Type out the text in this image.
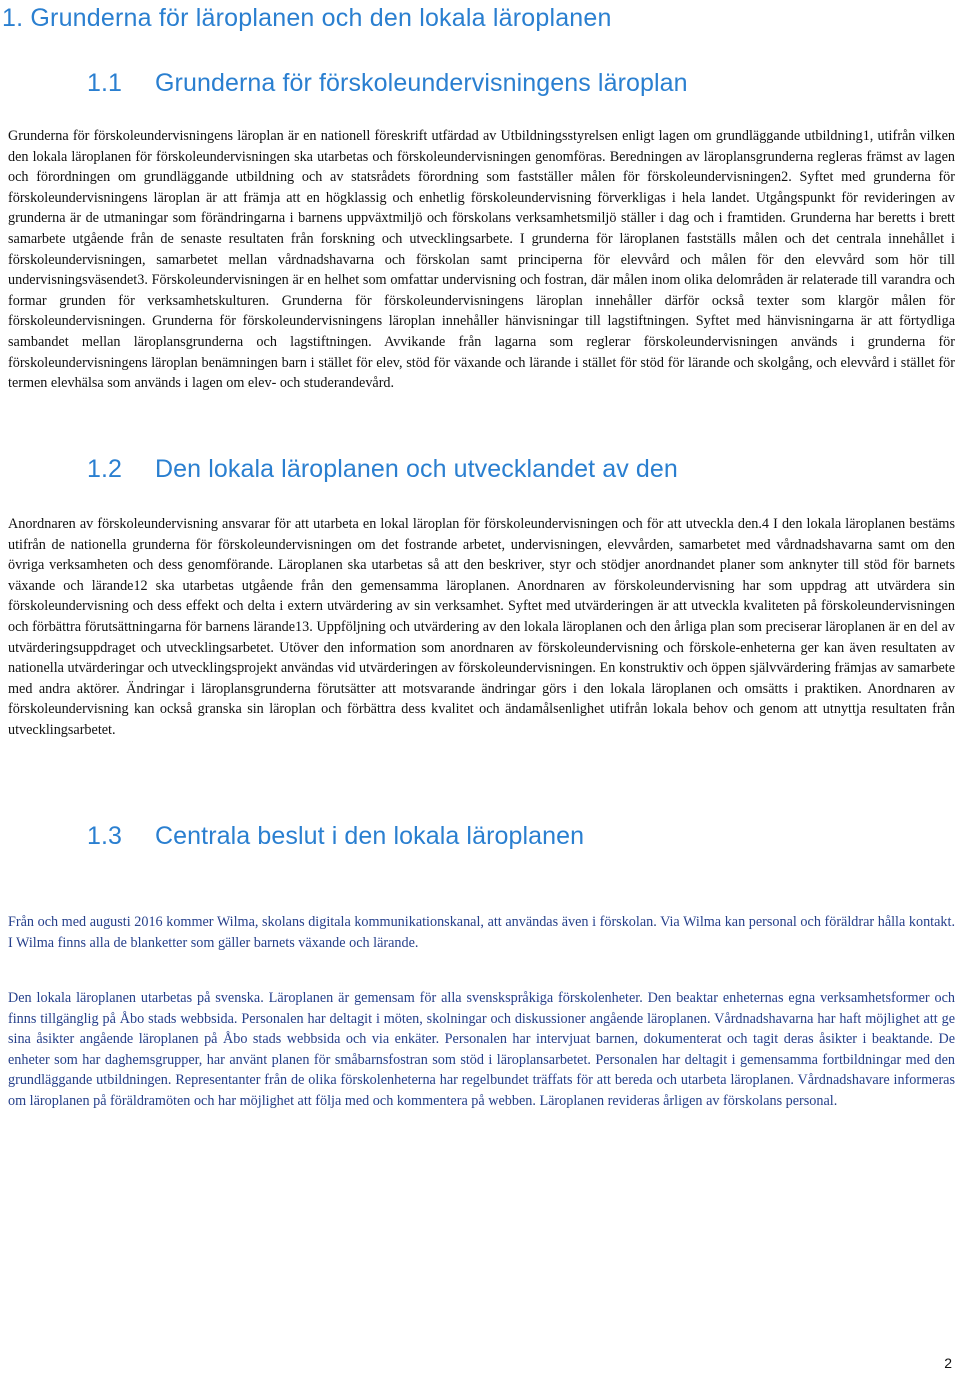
1. Grunderna för läroplanen och den lokala läroplanen
1.1 Grunderna för förskoleundervisningens läroplan

Grunderna för förskoleundervisningens läroplan är en nationell föreskrift utfärdad av Utbildningsstyrelsen enligt lagen om grundläggande utbildning1, utifrån vilken den lokala läroplanen för förskoleundervisningen ska utarbetas och förskoleundervisningen genomföras. Beredningen av läroplansgrunderna regleras främst av lagen och förordningen om grundläggande utbildning och av statsrådets förordning som fastställer målen för förskoleundervisningen2. Syftet med grunderna för förskoleundervisningens läroplan är att främja att en högklassig och enhetlig förskoleundervisning förverkligas i hela landet. Utgångspunkt för revideringen av grunderna är de utmaningar som förändringarna i barnens uppväxtmiljö och förskolans verksamhetsmiljö ställer i dag och i framtiden. Grunderna har beretts i brett samarbete utgående från de senaste resultaten från forskning och utvecklingsarbete. I grunderna för läroplanen fastställs målen och det centrala innehållet i förskoleundervisningen, samarbetet mellan vårdnadshavarna och förskolan samt principerna för elevvård och målen för den elevvård som hör till undervisningsväsendet3. Förskoleundervisningen är en helhet som omfattar undervisning och fostran, där målen inom olika delområden är relaterade till varandra och formar grunden för verksamhetskulturen. Grunderna för förskoleundervisningens läroplan innehåller därför också texter som klargör målen för förskoleundervisningen. Grunderna för förskoleundervisningens läroplan innehåller hänvisningar till lagstiftningen. Syftet med hänvisningarna är att förtydliga sambandet mellan läroplansgrunderna och lagstiftningen. Avvikande från lagarna som reglerar förskoleundervisningen används i grunderna för förskoleundervisningens läroplan benämningen barn i stället för elev, stöd för växande och lärande i stället för stöd för lärande och skolgång, och elevvård i stället för termen elevhälsa som används i lagen om elev- och studerandevård.

1.2 Den lokala läroplanen och utvecklandet av den

Anordnaren av förskoleundervisning ansvarar för att utarbeta en lokal läroplan för förskoleundervisningen och för att utveckla den.4 I den lokala läroplanen bestäms utifrån de nationella grunderna för förskoleundervisningen om det fostrande arbetet, undervisningen, elevvården, samarbetet med vårdnadshavarna samt om den övriga verksamheten och dess genomförande. Läroplanen ska utarbetas så att den beskriver, styr och stödjer anordnandet planer som anknyter till stöd för barnets växande och lärande12 ska utarbetas utgående från den gemensamma läroplanen. Anordnaren av förskoleundervisning har som uppdrag att utvärdera sin förskoleundervisning och dess effekt och delta i extern utvärdering av sin verksamhet. Syftet med utvärderingen är att utveckla kvaliteten på förskoleundervisningen och förbättra förutsättningarna för barnens lärande13. Uppföljning och utvärdering av den lokala läroplanen och den årliga plan som preciserar läroplanen är en del av utvärderingsuppdraget och utvecklingsarbetet. Utöver den information som anordnaren av förskoleundervisning och förskole-enheterna ger kan även resultaten av nationella utvärderingar och utvecklingsprojekt användas vid utvärderingen av förskoleundervisningen. En konstruktiv och öppen självvärdering främjas av samarbete med andra aktörer. Ändringar i läroplansgrunderna förutsätter att motsvarande ändringar görs i den lokala läroplanen och omsätts i praktiken. Anordnaren av förskoleundervisning kan också granska sin läroplan och förbättra dess kvalitet och ändamålsenlighet utifrån lokala behov och genom att utnyttja resultaten från utvecklingsarbetet.

1.3 Centrala beslut i den lokala läroplanen

Från och med augusti 2016 kommer Wilma, skolans digitala kommunikationskanal, att användas även i förskolan. Via Wilma kan personal och föräldrar hålla kontakt. I Wilma finns alla de blanketter som gäller barnets växande och lärande.

Den lokala läroplanen utarbetas på svenska. Läroplanen är gemensam för alla svenskspråkiga förskolenheter. Den beaktar enheternas egna verksamhetsformer och finns tillgänglig på Åbo stads webbsida. Personalen har deltagit i möten, skolningar och diskussioner angående läroplanen. Vårdnadshavarna har haft möjlighet att ge sina åsikter angående läroplanen på Åbo stads webbsida och via enkäter. Personalen har intervjuat barnen, dokumenterat och tagit deras åsikter i beaktande. De enheter som har daghemsgrupper, har använt planen för småbarnsfostran som stöd i läroplansarbetet. Personalen har deltagit i gemensamma fortbildningar med den grundläggande utbildningen. Representanter från de olika förskolenheterna har regelbundet träffats för att bereda och utarbeta läroplanen. Vårdnadshavare informeras om läroplanen på föräldramöten och har möjlighet att följa med och kommentera på webben. Läroplanen revideras årligen av förskolans personal.

2
